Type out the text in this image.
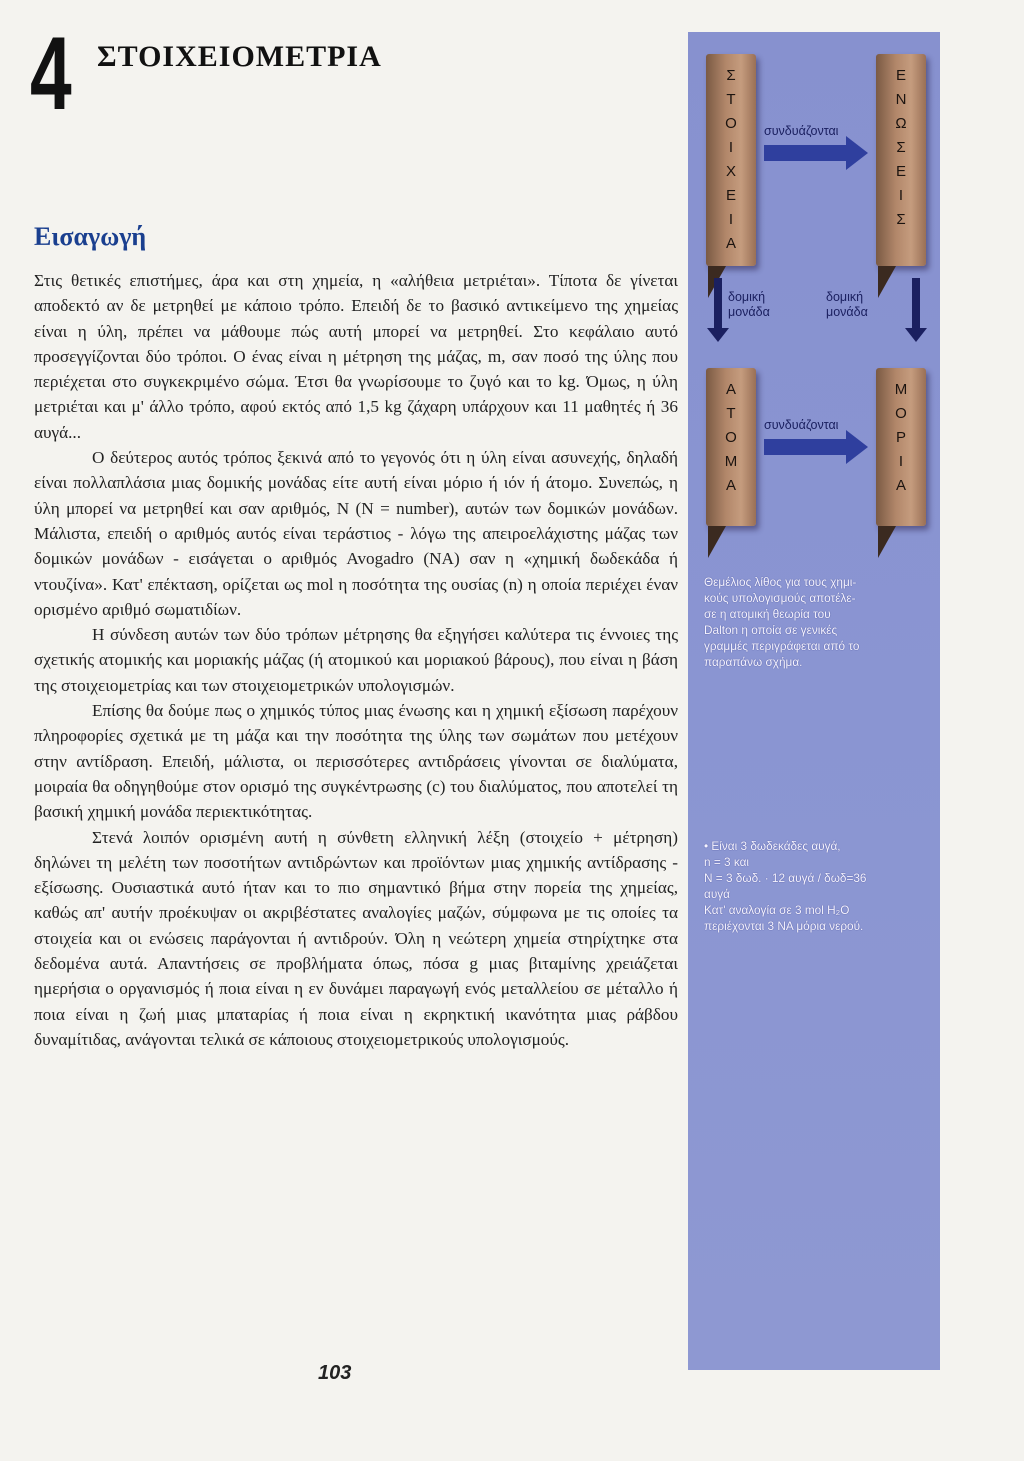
4 ΣΤΟΙΧΕΙΟΜΕΤΡΙΑ
Εισαγωγή

Στις θετικές επιστήμες, άρα και στη χημεία, η «αλήθεια μετριέται». Τίποτα δε γίνεται αποδεκτό αν δε μετρηθεί με κάποιο τρόπο. Επειδή δε το βασικό αντικείμενο της χημείας είναι η ύλη, πρέπει να μάθουμε πώς αυτή μπορεί να μετρηθεί. Στο κεφάλαιο αυτό προσεγγίζονται δύο τρόποι. Ο ένας είναι η μέτρηση της μάζας, m, σαν ποσό της ύλης που περιέχεται στο συγκεκριμένο σώμα. Έτσι θα γνωρίσουμε το ζυγό και το kg. Όμως, η ύλη μετριέται και μ' άλλο τρόπο, αφού εκτός από 1,5 kg ζάχαρη υπάρχουν και 11 μαθητές ή 36 αυγά...

Ο δεύτερος αυτός τρόπος ξεκινά από το γεγονός ότι η ύλη είναι ασυνεχής, δηλαδή είναι πολλαπλάσια μιας δομικής μονάδας είτε αυτή είναι μόριο ή ιόν ή άτομο. Συνεπώς, η ύλη μπορεί να μετρηθεί και σαν αριθμός, N (N = number), αυτών των δομικών μονάδων. Μάλιστα, επειδή ο αριθμός αυτός είναι τεράστιος - λόγω της απειροελάχιστης μάζας των δομικών μονάδων - εισάγεται ο αριθμός Avogadro (NA) σαν η «χημική δωδεκάδα ή ντουζίνα». Κατ' επέκταση, ορίζεται ως mol η ποσότητα της ουσίας (n) η οποία περιέχει έναν ορισμένο αριθμό σωματιδίων.

Η σύνδεση αυτών των δύο τρόπων μέτρησης θα εξηγήσει καλύτερα τις έννοιες της σχετικής ατομικής και μοριακής μάζας (ή ατομικού και μοριακού βάρους), που είναι η βάση της στοιχειομετρίας και των στοιχειομετρικών υπολογισμών.

Επίσης θα δούμε πως ο χημικός τύπος μιας ένωσης και η χημική εξίσωση παρέχουν πληροφορίες σχετικά με τη μάζα και την ποσότητα της ύλης των σωμάτων που μετέχουν στην αντίδραση. Επειδή, μάλιστα, οι περισσότερες αντιδράσεις γίνονται σε διαλύματα, μοιραία θα οδηγηθούμε στον ορισμό της συγκέντρωσης (c) του διαλύματος, που αποτελεί τη βασική χημική μονάδα περιεκτικότητας.

Στενά λοιπόν ορισμένη αυτή η σύνθετη ελληνική λέξη (στοιχείο + μέτρηση) δηλώνει τη μελέτη των ποσοτήτων αντιδρώντων και προϊόντων μιας χημικής αντίδρασης - εξίσωσης. Ουσιαστικά αυτό ήταν και το πιο σημαντικό βήμα στην πορεία της χημείας, καθώς απ' αυτήν προέκυψαν οι ακριβέστατες αναλογίες μαζών, σύμφωνα με τις οποίες τα στοιχεία και οι ενώσεις παράγονται ή αντιδρούν. Όλη η νεώτερη χημεία στηρίχτηκε στα δεδομένα αυτά. Απαντήσεις σε προβλήματα όπως, πόσα g μιας βιταμίνης χρειάζεται ημερήσια ο οργανισμός ή ποια είναι η εν δυνάμει παραγωγή ενός μεταλλείου σε μέταλλο ή ποια είναι η ζωή μιας μπαταρίας ή ποια είναι η εκρηκτική ικανότητα μιας ράβδου δυναμίτιδας, ανάγονται τελικά σε κάποιους στοιχειομετρικούς υπολογισμούς.

Σ
Τ
Ο
Ι
Χ
Ε
Ι
Α
Ε
Ν
Ω
Σ
Ε
Ι
Σ
συνδυάζονται
δομική
μονάδα
δομική
μονάδα
Α
Τ
Ο
Μ
Α
Μ
Ο
Ρ
Ι
Α
συνδυάζονται

Θεμέλιος λίθος για τους χημι-

κούς υπολογισμούς αποτέλε-

σε η ατομική θεωρία του

Dalton η οποία σε γενικές

γραμμές περιγράφεται από το

παραπάνω σχήμα.

• Είναι 3 δωδεκάδες αυγά,

n = 3 και

N = 3 δωδ. · 12 αυγά / δωδ=36

αυγά

Κατ' αναλογία σε 3 mol H₂O

περιέχονται 3 NA μόρια νερού.

103
